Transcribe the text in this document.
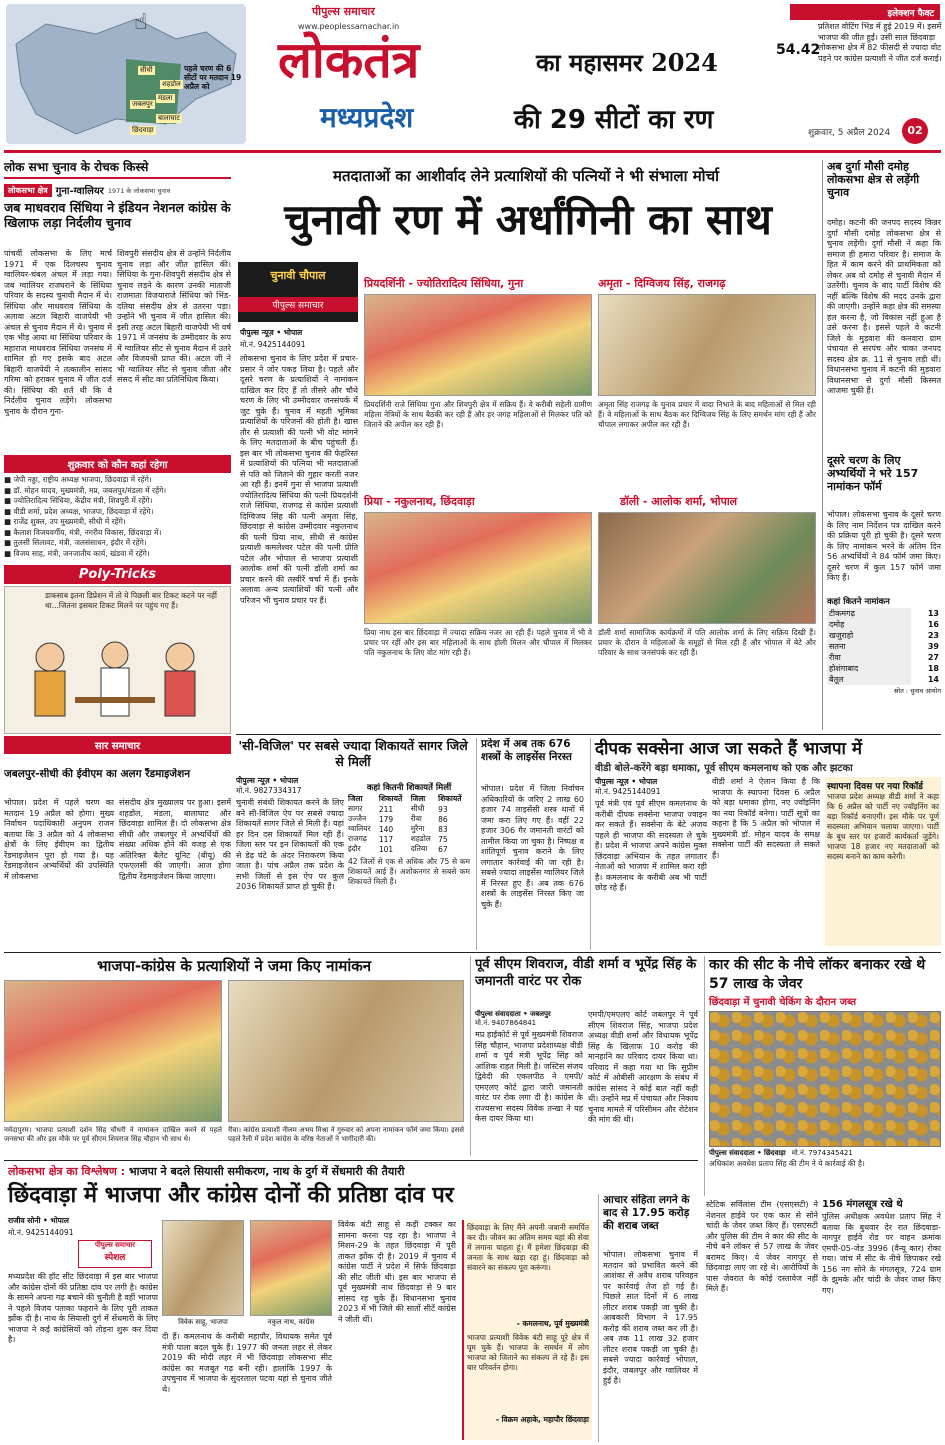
☝
पहले चरण की 6 सीटों पर मतदान 19 अप्रैल को
सीधी
शहडोल
मंडला
जबलपुर
बालाघाट
छिंदवाड़ा
पीपुल्स समाचार
www.peoplessamachar.in
लोकतंत्र	का महासमर 2024
मध्यप्रदेश	की 29 सीटों का रण
इलेक्शन फैक्ट
54.42
प्रतिशत वोटिंग भिंड में हुई 2019 में। इसमें भाजपा की जीत हुई। उसी साल छिंदवाड़ा लोकसभा क्षेत्र में 82 फीसदी से ज्यादा वोट पड़ने पर कांग्रेस प्रत्याशी ने जीत दर्ज कराई।
शुक्रवार, 5 अप्रैल 2024	02
लोक सभा चुनाव के रोचक किस्से
लोकसभा क्षेत्र गुना-ग्वालियर 1971 के लोकसभा चुनाव
जब माधवराव सिंधिया ने इंडियन नेशनल कांग्रेस के खिलाफ लड़ा निर्दलीय चुनाव
पांचवीं लोकसभा के लिए मार्च 1971 में एक दिलचस्प चुनाव ग्वालियर-चंबल अंचल में लड़ा गया। जब ग्वालियर राजघराने के सिंधिया परिवार के सदस्य चुनावी मैदान में थे। सिंधिया और माधवराव सिंधिया के अलावा अटल बिहारी वाजपेयी भी अंचल से चुनाव मैदान में थे। चुनाव में एक भीड़ आया था सिंधिया परिवार के महाराज माधवराव सिंधिया जनसंघ में शामिल हो गए इसके बाद अटल बिहारी वाजपेयी ने तत्कालीन सांसद गरिमा को हराकर चुनाव में जीत दर्ज की। सिंधिया की शर्त थी कि वे निर्दलीय चुनाव लड़ेंगे। लोकसभा चुनाव के दौरान गुना-
शिवपुरी संसदीय क्षेत्र से उन्होंने निर्दलीय चुनाव लड़ा और जीत हासिल की। सिंधिया के गुना-शिवपुरी संसदीय क्षेत्र से चुनाव लड़ने के कारण उनकी माताजी राजमाता विजयाराजे सिंधिया को भिंड-दतिया संसदीय क्षेत्र से उतरना पड़ा। उन्होंने भी चुनाव में जीत हासिल की। इसी तरह अटल बिहारी वाजपेयी भी वर्ष 1971 में जनसंघ के उम्मीदवार के रूप में ग्वालियर सीट से चुनाव मैदान में उतरे और विजयश्री प्राप्त की। अटल जी ने भी ग्वालियर सीट से चुनाव जीता और संसद में सीट का प्रतिनिधित्व किया।
शुक्रवार को कौन कहां रहेगा
■ जेपी नड्डा, राष्ट्रीय अध्यक्ष भाजपा, छिंदवाड़ा में रहेंगे।
■ डॉ. मोहन यादव, मुख्यमंत्री, मप्र, जबलपुर/मंडला में रहेंगे।
■ ज्योतिरादित्य सिंधिया, केंद्रीय मंत्री, शिवपुरी में रहेंगे।
■ वीडी शर्मा, प्रदेश अध्यक्ष, भाजपा, छिंदवाड़ा में रहेंगे।
■ राजेंद्र शुक्ल, उप मुख्यमंत्री, सीधी में रहेंगे।
■ कैलाश विजयवर्गीय, मंत्री, नगरीय विकास, छिंदवाड़ा में।
■ तुलसी सिलावट, मंत्री, जलसंसाधन, इंदौर में रहेंगे।
■ विजय साह, मंत्री, जनजातीय कार्य, खंडवा में रहेंगे।
Poly-Tricks
डाकसाब इतना डिप्रेशन में तो ये पिछली बार टिकट कटने पर नहीं था...जितना इसबार टिकट मिलने पर पहुंच गए हैं।
सार समाचार
जबलपुर-सीधी की ईवीएम का अलग रैंडमाइजेशन
भोपाल। प्रदेश में पहले चरण का मतदान 19 अप्रैल को होगा। मुख्य निर्वाचन पदाधिकारी अनुपम राजन बताया कि 3 अप्रैल को 4 लोकसभा क्षेत्रों के लिए ईवीएम का द्वितीय रेंडमाइजेशन पूरा हो गया है। यह रेंडमाइजेशन अभ्यर्थियों की उपस्थिति में लोकसभा
संसदीय क्षेत्र मुख्यालय पर हुआ। इसमें शहडोल, मंडला, बालाघाट और छिंदवाड़ा शामिल हैं। दो लोकसभा क्षेत्र सीधी और जबलपुर में अभ्यर्थियों की संख्या अधिक होने की वजह से एक अतिरिक्त बैलेट यूनिट (बीयू) की एफएलसी की जाएगी। आज होगा द्वितीय रेंडमाइजेशन किया जाएगा।
मतदाताओं का आशीर्वाद लेने प्रत्याशियों की पत्नियों ने भी संभाला मोर्चा
चुनावी रण में अर्धांगिनी का साथ
चुनावी चौपाल
पीपुल्स समाचार
पीपुल्स न्यूज़ • भोपाल
मो.नं. 9425144091
लोकसभा चुनाव के लिए प्रदेश में प्रचार-प्रसार ने जोर पकड़ लिया है। पहले और दूसरे चरण के प्रत्याशियों ने नामांकन दाखिल कर दिए हैं तो तीसरे और चौथे चरण के लिए भी उम्मीदवार जनसंपर्क में जुट चुके हैं। चुनाव में महती भूमिका प्रत्याशियों के परिजनों की होती है। खास तौर से प्रत्याशी की पत्नी भी वोट मांगने के लिए मतदाताओं के बीच पहुंचती हैं। इस बार भी लोकसभा चुनाव की फेहरिस्त में प्रत्याशियों की पत्नियां भी मतदाताओं से पति को जिताने की गुहार करती नजर आ रही हैं। इनमें गुना से भाजपा प्रत्याशी ज्योतिरादित्य सिंधिया की पत्नी प्रियदर्शनी राजे सिंधिया, राजगढ़ से कांग्रेस प्रत्याशी दिग्विजय सिंह की पत्नी अमृता सिंह, छिंदवाड़ा से कांग्रेस उम्मीदवार नकुलनाथ की पत्नी प्रिया नाथ, सीधी से कांग्रेस प्रत्याशी कमलेश्वर पटेल की पत्नी प्रीति पटेल और भोपाल से भाजपा प्रत्याशी आलोक शर्मा की पत्नी डॉली शर्मा का प्रचार करने की तस्वीरें चर्चा में हैं। इनके अलावा अन्य प्रत्याशियों की पत्नी और परिजन भी चुनाव प्रचार पर हैं।
प्रियदर्शिनी - ज्योतिरादित्य सिंधिया, गुना
प्रियदर्शिनी राजे सिंधिया गुना और शिवपुरी क्षेत्र में सक्रिय हैं। वे करीबी सहेली ग्रामीण महिला नेत्रियों के साथ बैठकी कर रही हैं और हर जगह महिलाओं से मिलकर पति को जिताने की अपील कर रही हैं।
अमृता - दिग्विजय सिंह, राजगढ़
अमृता सिंह राजगढ़ के चुनाव प्रचार में वादा निभाने के बाद महिलाओं से मिल रही हैं। वे महिलाओं के साथ बैठक कर दिग्विजय सिंह के लिए समर्थन मांग रही हैं और चौपाल लगाकर अपील कर रही हैं।
प्रिया - नकुलनाथ, छिंदवाड़ा
प्रिया नाथ इस बार छिंदवाड़ा में ज्यादा सक्रिय नजर आ रही हैं। पहले चुनाव में भी वे प्रचार पर रहीं और इस बार महिलाओं के साथ होली मिलन और चौपाल में मिलकर पति नकुलनाथ के लिए वोट मांग रही हैं।
डॉली - आलोक शर्मा, भोपाल
डॉली शर्मा सामाजिक कार्यक्रमों में पति आलोक शर्मा के लिए सक्रिय दिखी हैं। प्रचार के दौरान वे महिलाओं के समूहों से मिल रही हैं और भोपाल में बेटे और परिवार के साथ जनसंपर्क कर रही हैं।
अब दुर्गा मौसी दमोह लोकसभा क्षेत्र से लड़ेंगी चुनाव
दमोह। कटनी की जनपद सदस्य किन्नर दुर्गा मौसी दमोह लोकसभा क्षेत्र से चुनाव लड़ेंगी। दुर्गा मौसी ने कहा कि समाज ही हमारा परिवार है। समाज के हित में काम करने की प्राथमिकता को लेकर अब वो दमोह से चुनावी मैदान में उतरेंगी। चुनाव के बाद पार्टी विशेष की नहीं बल्कि विशेष की मदद उनके द्वारा की जाएगी। उन्होंने कहा क्षेत्र की समस्या हल करना है, जो विकास नहीं हुआ है उसे करना है। इससे पहले वे कटनी जिले के मुड़वारा की कनवारा ग्राम पंचायत से सरपंच और चाका जनपद सदस्य क्षेत्र क्र. 11 से चुनाव लड़ी थीं। विधानसभा चुनाव में कटनी की मुड़वारा विधानसभा से दुर्गा मौसी किस्मत आजमा चुकी हैं।
दूसरे चरण के लिए अभ्यर्थियों ने भरे 157 नामांकन फॉर्म
भोपाल। लोकसभा चुनाव के दूसरे चरण के लिए नाम निर्देशन पत्र दाखिल करने की प्रक्रिया पूरी हो चुकी है। दूसरे चरण के लिए नामांकन भरने के अंतिम दिन 56 अभ्यर्थियों ने 84 फॉर्म जमा किए। दूसरे चरण में कुल 157 फॉर्म जमा किए हैं।
कहां कितने नामांकन
टीकमगढ़	13
दमोह	16
खजुराहो	23
सतना	39
रीवा	27
होशंगाबाद	18
बैतूल	14
स्रोत : चुनाव आयोग
'सी-विजिल' पर सबसे ज्यादा शिकायतें सागर जिले से मिलीं
पीपुल्स न्यूज़ • भोपाल
मो.नं. 9827334317
चुनावी संबंधी शिकायत करने के लिए बने सी-विजिल ऐप पर सबसे ज्यादा शिकायतें सागर जिले से मिली हैं। यहां हर दिन दस शिकायतें मिल रही हैं। जिला स्तर पर इन शिकायतों की एक से डेढ़ घंटे के अंदर निराकरण किया जाता है। पांच अप्रैल तक प्रदेश के सभी जिलों से इस ऐप पर कुल 2036 शिकायतें प्राप्त हो चुकी हैं।
कहां कितनी शिकायतें मिलीं
जिला	शिकायतें	जिला	शिकायतें
सागर	211	सीधी	93
उज्जैन	179	रीवा	86
ग्वालियर	140	मुरैना	83
राजगढ़	117	शहडोल	75
इंदौर	101	दतिया	67
42 जिलों से एक से अधिक और 75 से कम शिकायतें आई हैं। अशोकनगर से सबसे कम शिकायतें मिली हैं।
प्रदेश में अब तक 676 शस्त्रों के लाइसेंस निरस्त
भोपाल। प्रदेश में जिला निर्वाचन अधिकारियों के जरिए 2 लाख 60 हजार 74 लाइसेंसी शस्त्र थानों में जमा करा लिए गए हैं। वहीं 22 हजार 306 गैर जमानती वारंटों को तामील किया जा चुका है। निष्पक्ष व शांतिपूर्ण चुनाव कराने के लिए लगातार कार्रवाई की जा रही है। सबसे ज्यादा लाइसेंस ग्वालियर जिले में निरस्त हुए हैं। अब तक 676 शस्त्रों के लाइसेंस निरस्त किए जा चुके हैं।
दीपक सक्सेना आज जा सकते हैं भाजपा में
वीडी बोले-करेंगे बड़ा धमाका, पूर्व सीएम कमलनाथ को एक और झटका
पीपुल्स न्यूज़ • भोपाल
मो.नं. 9425144091
पूर्व मंत्री एवं पूर्व सीएम कमलनाथ के करीबी दीपक सक्सेना भाजपा ज्वाइन कर सकते हैं। सक्सेना के बेटे अजय पहले ही भाजपा की सदस्यता ले चुके हैं। प्रदेश में भाजपा अपने कांग्रेस मुक्त छिंदवाड़ा अभियान के तहत लगातार नेताओं को भाजपा में शामिल करा रही है। कमलनाथ के करीबी अब भी पार्टी छोड़ रहे हैं।
वीडी शर्मा ने ऐलान किया है कि भाजपा के स्थापना दिवस 6 अप्रैल को बड़ा धमाका होगा, नए ज्वॉइनिंग का नया रिकॉर्ड बनेगा। पार्टी सूत्रों का कहना है कि 5 अप्रैल को भोपाल में मुख्यमंत्री डॉ. मोहन यादव के समक्ष सक्सेना पार्टी की सदस्यता ले सकते हैं।
स्थापना दिवस पर नया रिकॉर्ड
भाजपा प्रदेश अध्यक्ष वीडी शर्मा ने कहा कि 6 अप्रैल को पार्टी नए ज्वॉइनिंग का बड़ा रिकॉर्ड बनाएगी। इस मौके पर पूर्ण सदस्यता अभियान चलाया जाएगा। पार्टी के बूथ स्तर पर हजारों कार्यकर्ता जुड़ेंगे। भाजपा 18 हजार नए मतदाताओं को सदस्य बनाने का काम करेगी।
भाजपा-कांग्रेस के प्रत्याशियों ने जमा किए नामांकन
नर्मदापुरम। भाजपा प्रत्याशी दर्शन सिंह चौधरी ने नामांकन दाखिल करने से पहले जनसभा की और इस मौके पर पूर्व सीएम शिवराज सिंह चौहान भी साथ थे।
रीवा। कांग्रेस प्रत्याशी नीलम अभय मिश्रा ने गुरुवार को अपना नामांकन फॉर्म जमा किया। इससे पहले रैली में प्रदेश कांग्रेस के वरिष्ठ नेताओं ने भागीदारी की।
पूर्व सीएम शिवराज, वीडी शर्मा व भूपेंद्र सिंह के जमानती वारंट पर रोक
पीपुल्स संवाददाता • जबलपुर
मो.नं. 9407864841
मप्र हाईकोर्ट से पूर्व मुख्यमंत्री शिवराज सिंह चौहान, भाजपा प्रदेशाध्यक्ष वीडी शर्मा व पूर्व मंत्री भूपेंद्र सिंह को आंशिक राहत मिली है। जस्टिस संजय द्विवेदी की एकलपीठ ने एमपी/एमएलए कोर्ट द्वारा जारी जमानती वारंट पर रोक लगा दी है। कांग्रेस के राज्यसभा सदस्य विवेक तन्खा ने यह केस दायर किया था।
एमपी/एमएलए कोर्ट जबलपुर ने पूर्व सीएम शिवराज सिंह, भाजपा प्रदेश अध्यक्ष वीडी शर्मा और विधायक भूपेंद्र सिंह के खिलाफ 10 करोड़ की मानहानि का परिवाद दायर किया था। परिवाद में कहा गया था कि सुप्रीम कोर्ट में ओबीसी आरक्षण के संबंध में कांग्रेस सांसद ने कोई बात नहीं कही थी। उन्होंने मप्र में पंचायत और निकाय चुनाव मामले में परिसीमन और रोटेशन की मांग की थी।
कार की सीट के नीचे लॉकर बनाकर रखे थे 57 लाख के जेवर
छिंदवाड़ा में चुनावी चेकिंग के दौरान जब्त
पीपुल्स संवाददाता • छिंदवाड़ा मो.नं. 7974345421
अधिकांश अवधेश प्रताप सिंह की टीम ने ये कार्रवाई की है।
लोकसभा क्षेत्र का विश्लेषण : भाजपा ने बदले सियासी समीकरण, नाथ के दुर्ग में सेंधमारी की तैयारी
छिंदवाड़ा में भाजपा और कांग्रेस दोनों की प्रतिष्ठा दांव पर
राजीव सोनी • भोपाल
मो.नं. 9425144091
पीपुल्स समाचार
स्पेशल
मध्यप्रदेश की हॉट सीट छिंदवाड़ा में इस बार भाजपा और कांग्रेस दोनों की प्रतिष्ठा दांव पर लगी है। कांग्रेस के सामने अपना गढ़ बचाने की चुनौती है वहीं भाजपा ने पहले विजय पताका फहराने के लिए पूरी ताकत झोंक दी है। नाथ के सियासी दुर्ग में सेंधमारी के लिए भाजपा ने कई कांग्रेसियों को तोड़ना शुरू कर दिया है।
विवेक साहू, भाजपा	नकुल नाथ, कांग्रेस
दी हैं। कमलनाथ के करीबी महापौर, विधायक समेत पूर्व मंत्री पाला बदल चुके हैं। 1977 की जनता लहर से लेकर 2019 की मोदी लहर में भी छिंदवाड़ा लोकसभा सीट कांग्रेस का मजबूत गढ़ बनी रही। हालांकि 1997 के उपचुनाव में भाजपा के सुंदरलाल पटवा यहां से चुनाव जीते थे।
विवेक बंटी साहू से कड़ी टक्कर का सामना करना पड़ रहा है। भाजपा ने मिशन-29 के तहत छिंदवाड़ा में पूरी ताकत झोंक दी है। 2019 में चुनाव में कांग्रेस पार्टी ने प्रदेश में सिर्फ छिंदवाड़ा की सीट जीती थी। इस बार भाजपा से पूर्व मुख्यमंत्री नाथ छिंदवाड़ा से 9 बार सांसद रह चुके हैं। विधानसभा चुनाव 2023 में भी जिले की सातों सीटें कांग्रेस ने जीती थीं।
छिंदवाड़ा के लिए मैंने अपनी जवानी समर्पित कर दी। जीवन का अंतिम समय यहां की सेवा में लगाना चाहता हूं। मैं हमेशा छिंदवाड़ा की जनता के साथ खड़ा रहा हूं। छिंदवाड़ा को संवारने का संकल्प पूरा करूंगा।
- कमलनाथ, पूर्व मुख्यमंत्री
भाजपा प्रत्याशी विवेक बंटी साहू पूरे क्षेत्र में घूम चुके हैं। भाजपा के समर्थन में लोग भाजपा को जिताने का संकल्प ले रहे हैं। इस बार परिवर्तन होगा।
- विक्रम अहाके, महापौर छिंदवाड़ा
आचार संहिता लगने के बाद से 17.95 करोड़ की शराब जब्त
भोपाल। लोकसभा चुनाव में मतदान को प्रभावित करने की आशंका से अवैध शराब परिवहन पर कार्रवाई तेज हो गई है। पिछले सात दिनों में 6 लाख लीटर शराब पकड़ी जा चुकी है। आबकारी विभाग ने 17.95 करोड़ की शराब जब्त कर ली है। अब तक 11 लाख 32 हजार लीटर शराब पकड़ी जा चुकी है। सबसे ज्यादा कार्रवाई भोपाल, इंदौर, जबलपुर और ग्वालियर में हुई है।
स्टेटिक सर्विलांस टीम (एसएसटी) ने नेशनल हाईवे पर एक कार से सोने चांदी के जेवर जब्त किए हैं। एसएसटी और पुलिस की टीम ने कार की सीट के नीचे बने लॉकर से 57 लाख के जेवर बरामद किए। ये जेवर नागपुर से छिंदवाड़ा लाए जा रहे थे। आरोपियों के पास जेवरात के कोई दस्तावेज नहीं मिले हैं।
156 मंगलसूत्र रखे थे
पुलिस अधीक्षक अवधेश प्रताप सिंह ने बताया कि बुधवार देर रात छिंदवाड़ा-नागपुर हाईवे रोड पर वाहन क्रमांक एमपी-05-जेड 3996 (वैन्यू कार) रोका गया। जांच में सीट के नीचे छिपाकर रखे 156 नग सोने के मंगलसूत्र, 724 ग्राम के झुमके और चांदी के जेवर जब्त किए गए।
